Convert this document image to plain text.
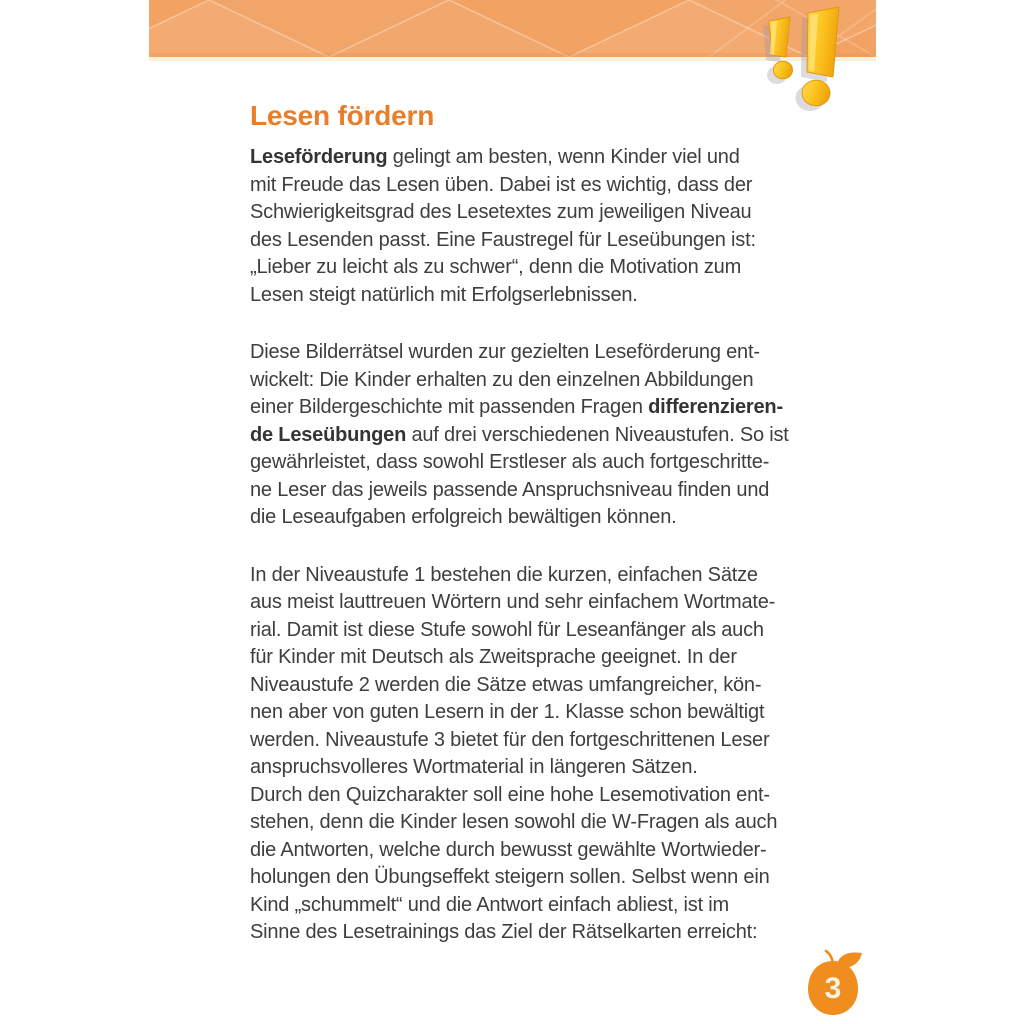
Lesen fördern
Leseförderung gelingt am besten, wenn Kinder viel und
mit Freude das Lesen üben. Dabei ist es wichtig, dass der
Schwierigkeitsgrad des Lesetextes zum jeweiligen Niveau
des Lesenden passt. Eine Faustregel für Leseübungen ist:
„Lieber zu leicht als zu schwer“, denn die Motivation zum
Lesen steigt natürlich mit Erfolgserlebnissen.
Diese Bilderrätsel wurden zur gezielten Leseförderung ent-
wickelt: Die Kinder erhalten zu den einzelnen Abbildungen
einer Bildergeschichte mit passenden Fragen differenzieren-
de Leseübungen auf drei verschiedenen Niveaustufen. So ist
gewährleistet, dass sowohl Erstleser als auch fortgeschritte-
ne Leser das jeweils passende Anspruchsniveau finden und
die Leseaufgaben erfolgreich bewältigen können.
In der Niveaustufe 1 bestehen die kurzen, einfachen Sätze
aus meist lauttreuen Wörtern und sehr einfachem Wortmate-
rial. Damit ist diese Stufe sowohl für Leseanfänger als auch
für Kinder mit Deutsch als Zweitsprache geeignet. In der
Niveaustufe 2 werden die Sätze etwas umfangreicher, kön-
nen aber von guten Lesern in der 1. Klasse schon bewältigt
werden. Niveaustufe 3 bietet für den fortgeschrittenen Leser
anspruchsvolleres Wortmaterial in längeren Sätzen.
Durch den Quizcharakter soll eine hohe Lesemotivation ent-
stehen, denn die Kinder lesen sowohl die W-Fragen als auch
die Antworten, welche durch bewusst gewählte Wortwieder-
holungen den Übungseffekt steigern sollen. Selbst wenn ein
Kind „schummelt“ und die Antwort einfach abliest, ist im
Sinne des Lesetrainings das Ziel der Rätselkarten erreicht:
3
